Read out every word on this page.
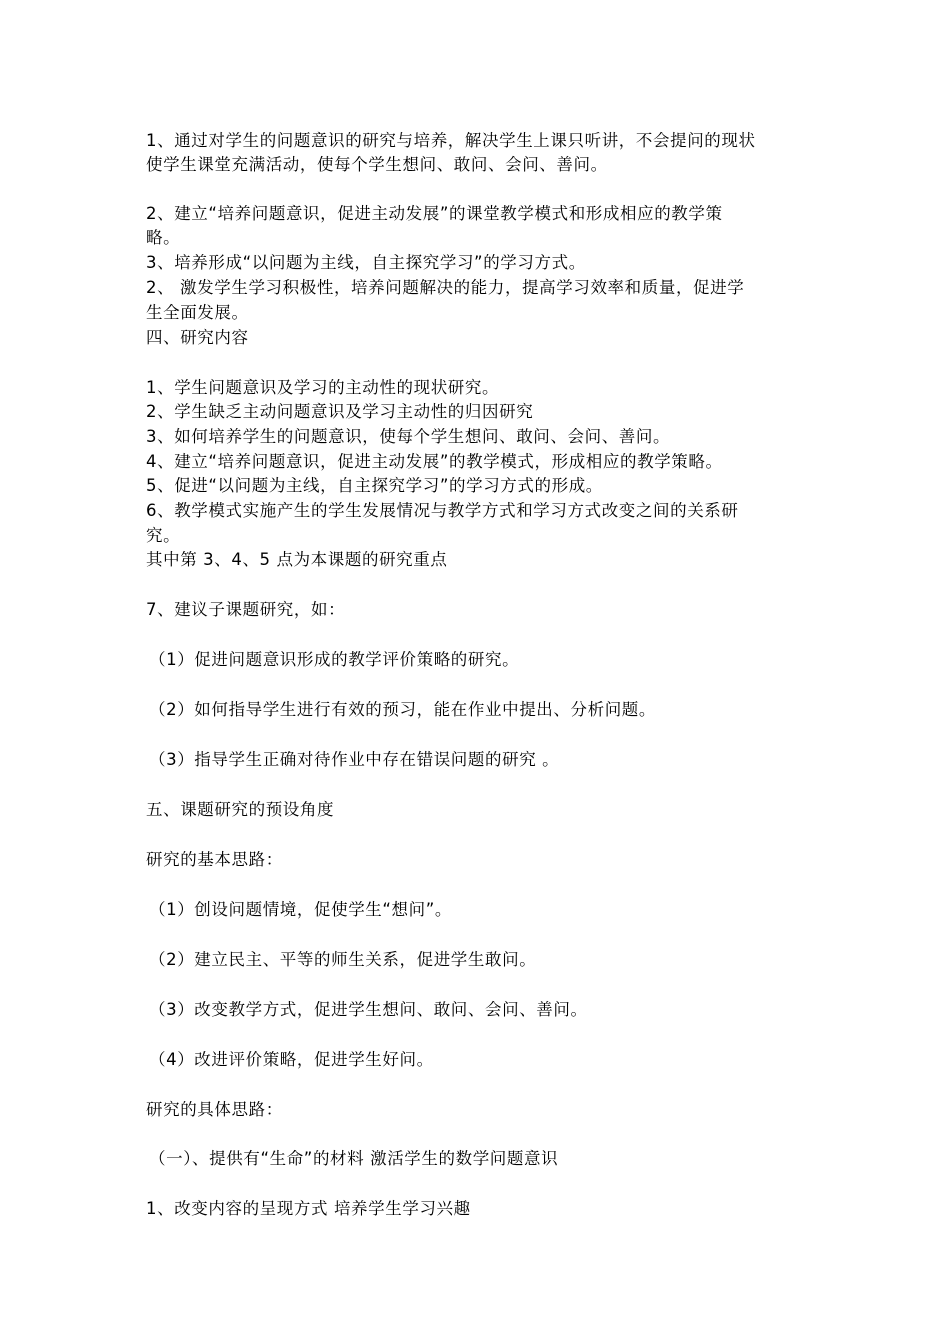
1、通过对学生的问题意识的研究与培养，解决学生上课只听讲，不会提问的现状
使学生课堂充满活动，使每个学生想问、敢问、会问、善问。
2、建立“培养问题意识，促进主动发展”的课堂教学模式和形成相应的教学策
略。
3、培养形成“以问题为主线，自主探究学习”的学习方式。
2、 激发学生学习积极性，培养问题解决的能力，提高学习效率和质量，促进学
生全面发展。
四、研究内容
1、学生问题意识及学习的主动性的现状研究。
2、学生缺乏主动问题意识及学习主动性的归因研究
3、如何培养学生的问题意识，使每个学生想问、敢问、会问、善问。
4、建立“培养问题意识，促进主动发展”的教学模式，形成相应的教学策略。
5、促进“以问题为主线，自主探究学习”的学习方式的形成。
6、教学模式实施产生的学生发展情况与教学方式和学习方式改变之间的关系研
究。
其中第 3、4、5 点为本课题的研究重点
7、建议子课题研究，如：
（1）促进问题意识形成的教学评价策略的研究。
（2）如何指导学生进行有效的预习，能在作业中提出、分析问题。
（3）指导学生正确对待作业中存在错误问题的研究 。
五、课题研究的预设角度
研究的基本思路：
（1）创设问题情境，促使学生“想问”。
（2）建立民主、平等的师生关系，促进学生敢问。
（3）改变教学方式，促进学生想问、敢问、会问、善问。
（4）改进评价策略，促进学生好问。
研究的具体思路：
（一）、提供有“生命”的材料 激活学生的数学问题意识
1、改变内容的呈现方式 培养学生学习兴趣
